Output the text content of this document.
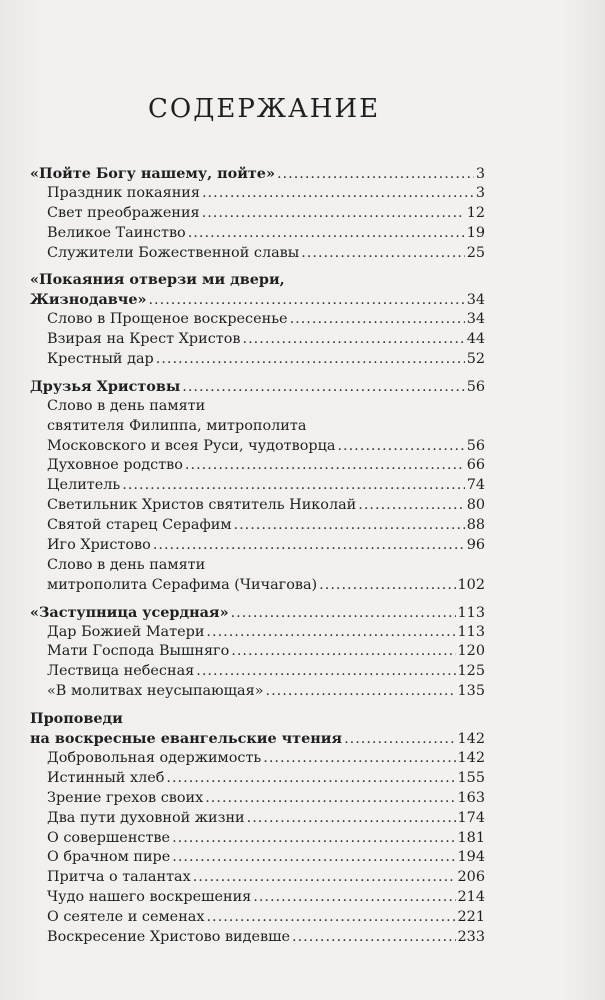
СОДЕРЖАНИЕ
«Пойте Богу нашему, пойте» .....	3
Праздник покаяния .....	3
Свет преображения .....	12
Великое Таинство .....	19
Служители Божественной славы .....	25
«Покаяния отверзи ми двери,
Жизнодавче» .....	34
Слово в Прощеное воскресенье .....	34
Взирая на Крест Христов .....	44
Крестный дар .....	52
Друзья Христовы .....	56
Слово в день памяти
святителя Филиппа, митрополита
Московского и всея Руси, чудотворца .....	56
Духовное родство .....	66
Целитель .....	74
Светильник Христов святитель Николай .....	80
Святой старец Серафим .....	88
Иго Христово .....	96
Слово в день памяти
митрополита Серафима (Чичагова) .....	102
«Заступница усердная» .....	113
Дар Божией Матери .....	113
Мати Господа Вышняго .....	120
Лествица небесная .....	125
«В молитвах неусыпающая» .....	135
Проповеди
на воскресные евангельские чтения .....	142
Добровольная одержимость .....	142
Истинный хлеб .....	155
Зрение грехов своих .....	163
Два пути духовной жизни .....	174
О совершенстве .....	181
О брачном пире .....	194
Притча о талантах .....	206
Чудо нашего воскрешения .....	214
О сеятеле и семенах .....	221
Воскресение Христово видевше .....	233
